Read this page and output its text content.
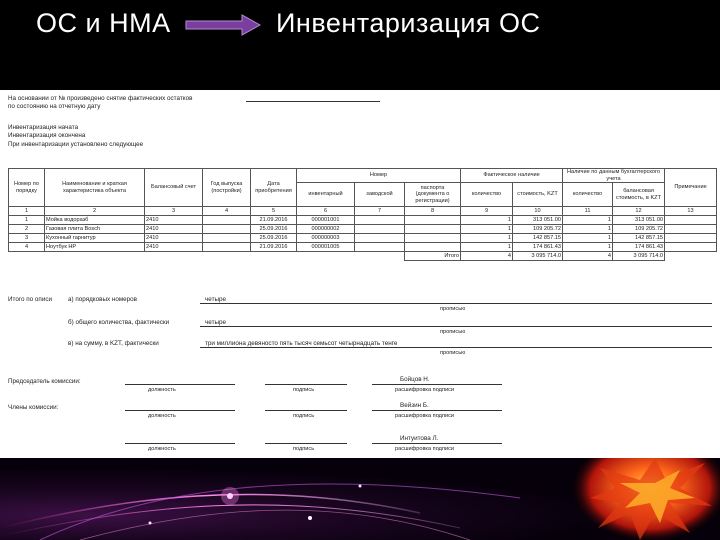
ОС и НМА	Инвентаризация ОС
На основании от № произведено снятие фактических остатков
по состоянию на отчетную дату
Инвентаризация начата
Инвентаризация окончена
При инвентаризации установлено следующее
Номер по порядку	Наименование и краткая характеристика объекта	Балансовый счет	Год выпуска (постройки)	Дата приобретения	Номер			Фактическое наличие		Наличие по данным бухгалтерского учета		Примечание
					инвентарный	заводской	паспорта (документа о регистрации)	количество	стоимость, KZT	количество	балансовая стоимость, в KZT	
1	2	3	4	5	6	7	8	9	10	11	12	13
1	Мойка водоразб	2410		21.09.2016	000001001			1	313 051.00	1	313 051.00	
2	Газовая плита Bosch	2410		25.09.2016	000000002			1	109 205.72	1	109 205.72	
3	Кухонный гарнитур	2410		25.09.2016	000000003			1	142 857.15	1	142 857.15	
4	Ноутбук HP	2410		21.09.2016	000001005			1	174 861.43	1	174 861.43	
							Итого	4	3 095 714.0	4	3 095 714.0	
Итого по описи	а) порядковых номеров	четыре
прописью
б) общего количества, фактически	четыре
прописью
в) на сумму, в KZT, фактически	три миллиона девяносто пять тысяч семьсот четырнадцать тенге
прописью
Председатель комиссии:	Бойцов Н.
должность	подпись	расшифровка подписи
Члены комиссии:	Вейзин Б.
должность	подпись	расшифровка подписи
Интуитова Л.
должность	подпись	расшифровка подписи
